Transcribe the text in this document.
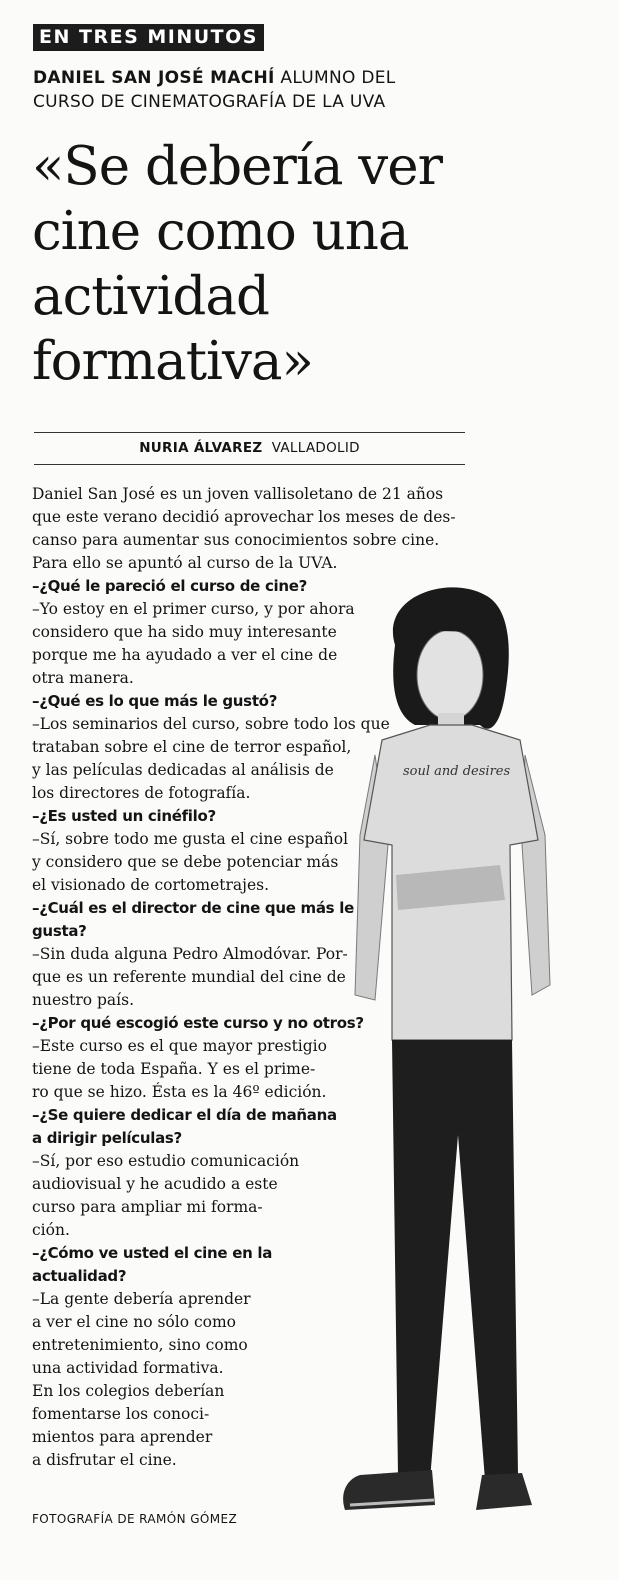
EN TRES MINUTOS
DANIEL SAN JOSÉ MACHÍ ALUMNO DEL
CURSO DE CINEMATOGRAFÍA DE LA UVA
«Se debería ver
cine como una
actividad
formativa»
NURIA ÁLVAREZ VALLADOLID
soul and desires

Daniel San José es un joven vallisoletano de 21 años
que este verano decidió aprovechar los meses de des-
canso para aumentar sus conocimientos sobre cine.
Para ello se apuntó al curso de la UVA.

–¿Qué le pareció el curso de cine?

–Yo estoy en el primer curso, y por ahora
considero que ha sido muy interesante
porque me ha ayudado a ver el cine de
otra manera.

–¿Qué es lo que más le gustó?

–Los seminarios del curso, sobre todo los que
trataban sobre el cine de terror español,
y las películas dedicadas al análisis de
los directores de fotografía.

–¿Es usted un cinéfilo?

–Sí, sobre todo me gusta el cine español
y considero que se debe potenciar más
el visionado de cortometrajes.

–¿Cuál es el director de cine que más le
gusta?

–Sin duda alguna Pedro Almodóvar. Por-
que es un referente mundial del cine de
nuestro país.

–¿Por qué escogió este curso y no otros?

–Este curso es el que mayor prestigio
tiene de toda España. Y es el prime-
ro que se hizo. Ésta es la 46º edición.

–¿Se quiere dedicar el día de mañana
a dirigir películas?

–Sí, por eso estudio comunicación
audiovisual y he acudido a este
curso para ampliar mi forma-
ción.

–¿Cómo ve usted el cine en la
actualidad?

–La gente debería aprender
a ver el cine no sólo como
entretenimiento, sino como
una actividad formativa.
En los colegios deberían
fomentarse los conoci-
mientos para aprender
a disfrutar el cine.

FOTOGRAFÍA DE RAMÓN GÓMEZ
